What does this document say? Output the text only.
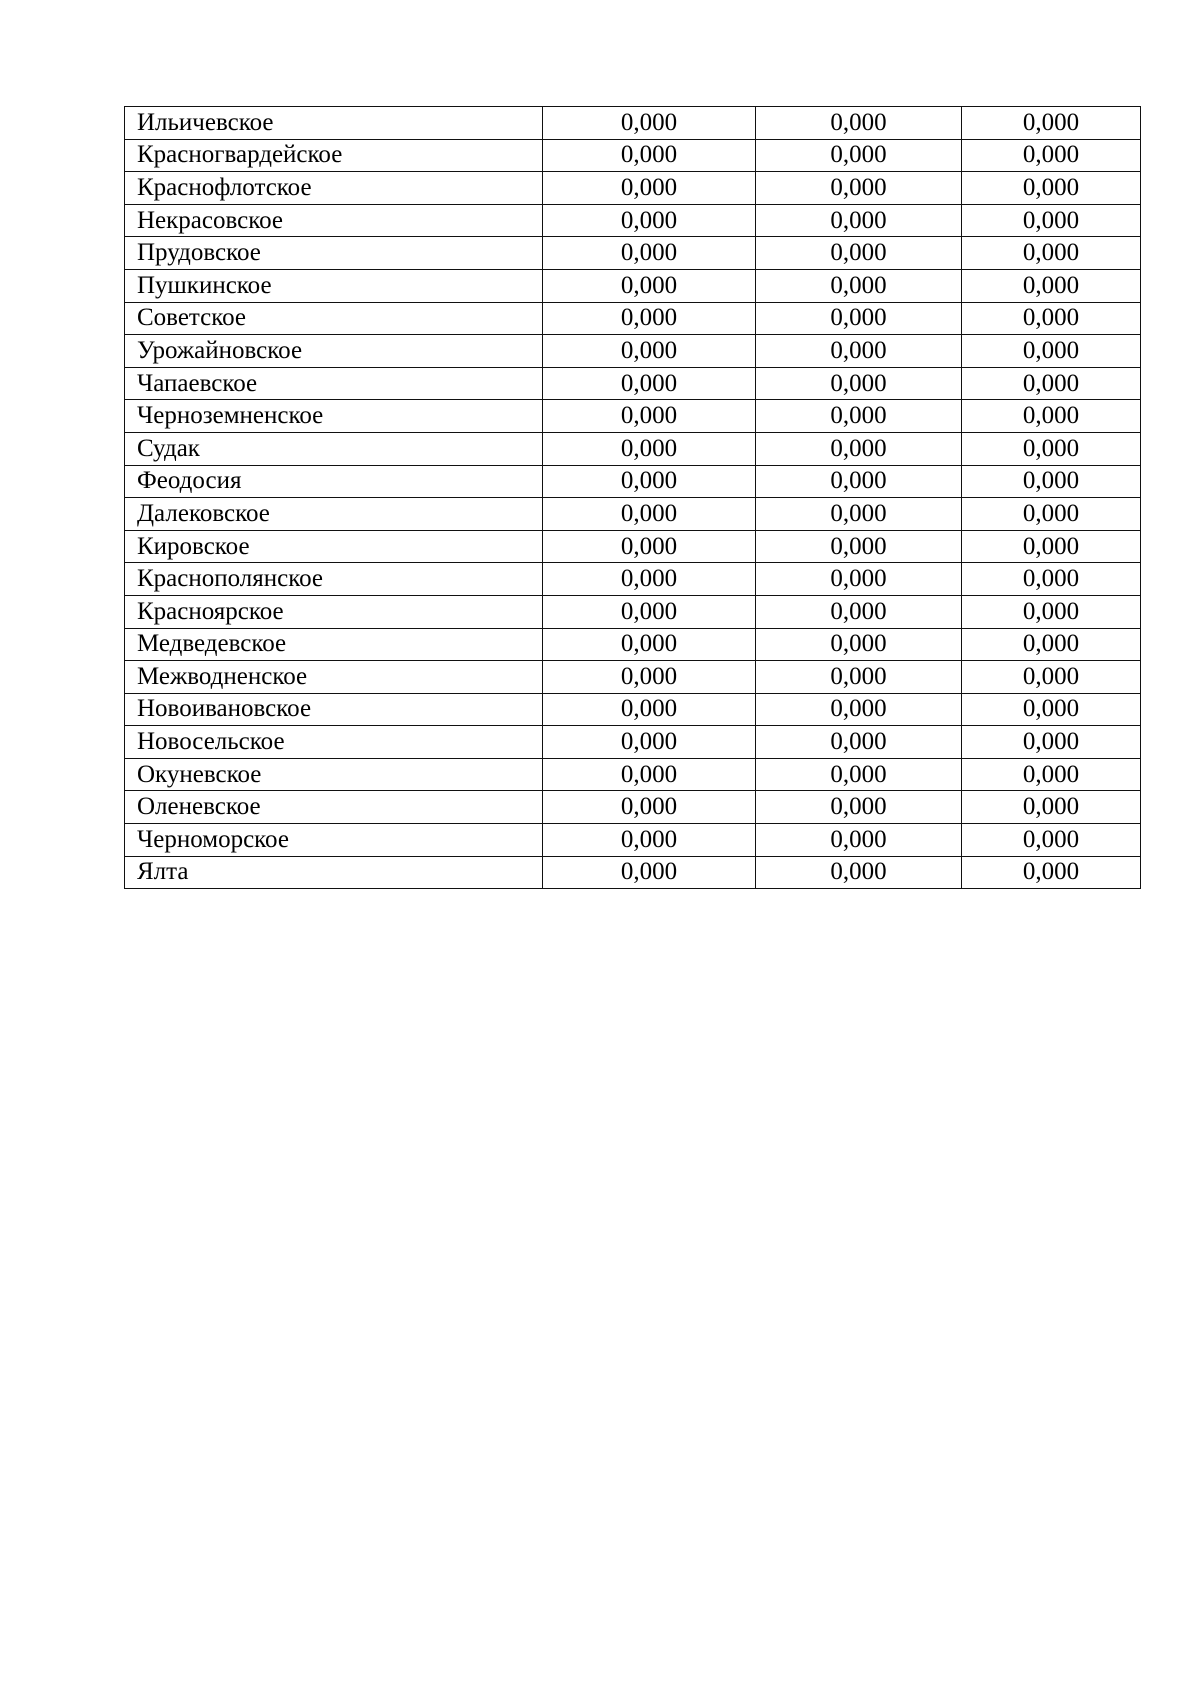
Ильичевское	0,000	0,000	0,000
Красногвардейское	0,000	0,000	0,000
Краснофлотское	0,000	0,000	0,000
Некрасовское	0,000	0,000	0,000
Прудовское	0,000	0,000	0,000
Пушкинское	0,000	0,000	0,000
Советское	0,000	0,000	0,000
Урожайновское	0,000	0,000	0,000
Чапаевское	0,000	0,000	0,000
Черноземненское	0,000	0,000	0,000
Судак	0,000	0,000	0,000
Феодосия	0,000	0,000	0,000
Далековское	0,000	0,000	0,000
Кировское	0,000	0,000	0,000
Краснополянское	0,000	0,000	0,000
Красноярское	0,000	0,000	0,000
Медведевское	0,000	0,000	0,000
Межводненское	0,000	0,000	0,000
Новоивановское	0,000	0,000	0,000
Новосельское	0,000	0,000	0,000
Окуневское	0,000	0,000	0,000
Оленевское	0,000	0,000	0,000
Черноморское	0,000	0,000	0,000
Ялта	0,000	0,000	0,000
